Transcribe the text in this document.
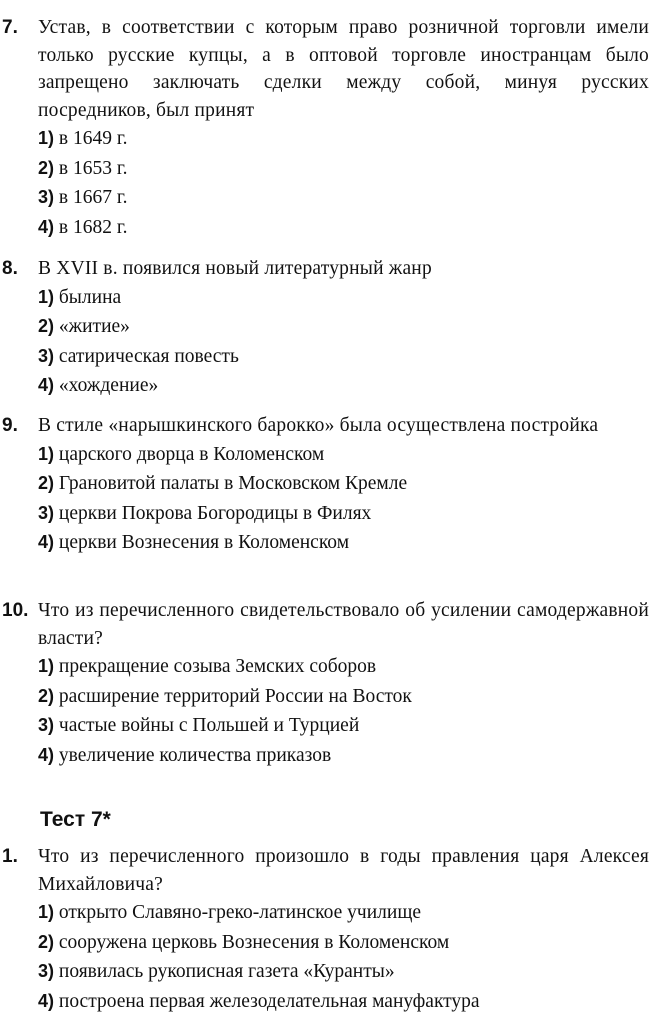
7. Устав, в соответствии с которым право розничной торговли имели только русские купцы, а в оптовой торговле иностранцам было запрещено заключать сделки между собой, минуя русских посредников, был принят
1) в 1649 г.
2) в 1653 г.
3) в 1667 г.
4) в 1682 г.
8. В XVII в. появился новый литературный жанр
1) былина
2) «житие»
3) сатирическая повесть
4) «хождение»
9. В стиле «нарышкинского барокко» была осуществлена постройка
1) царского дворца в Коломенском
2) Грановитой палаты в Московском Кремле
3) церкви Покрова Богородицы в Филях
4) церкви Вознесения в Коломенском
10. Что из перечисленного свидетельствовало об усилении самодержавной власти?
1) прекращение созыва Земских соборов
2) расширение территорий России на Восток
3) частые войны с Польшей и Турцией
4) увеличение количества приказов
Тест 7*
1. Что из перечисленного произошло в годы правления царя Алексея Михайловича?
1) открыто Славяно-греко-латинское училище
2) сооружена церковь Вознесения в Коломенском
3) появилась рукописная газета «Куранты»
4) построена первая железоделательная мануфактура
